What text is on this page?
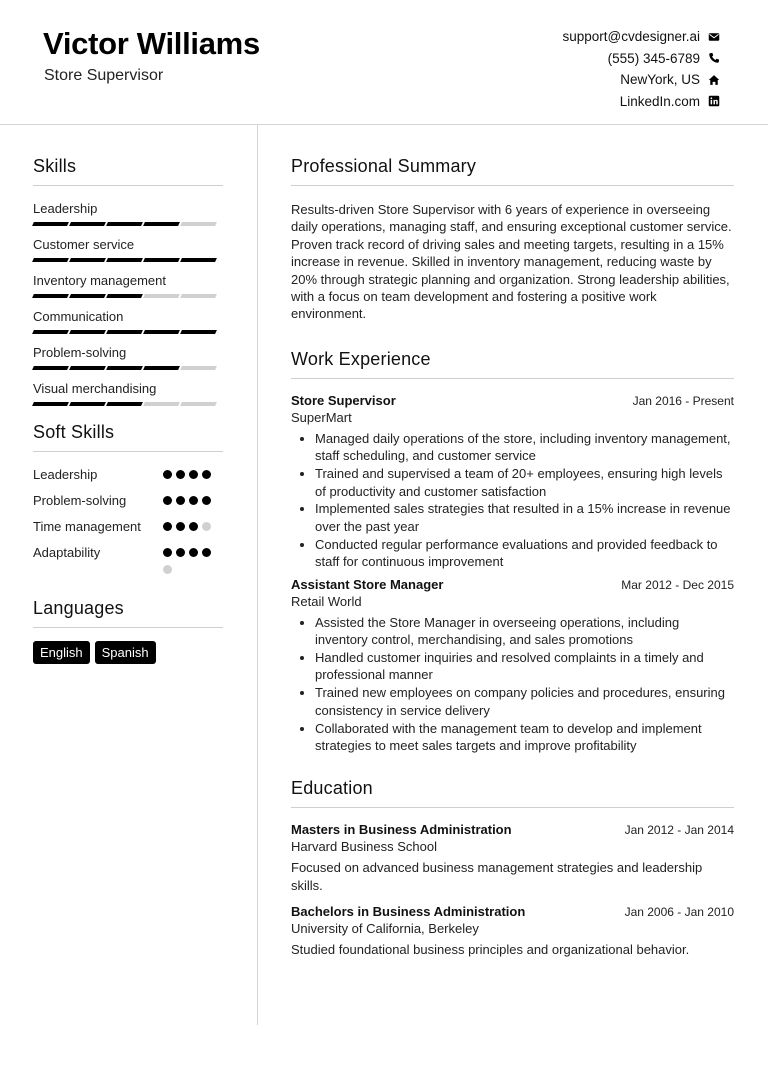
Victor Williams
Store Supervisor
support@cvdesigner.ai
(555) 345-6789
NewYork, US
LinkedIn.com
Skills
Leadership
Customer service
Inventory management
Communication
Problem-solving
Visual merchandising
Soft Skills
Leadership
Problem-solving
Time management
Adaptability
Languages
English	Spanish
Professional Summary
Results-driven Store Supervisor with 6 years of experience in overseeing daily operations, managing staff, and ensuring exceptional customer service. Proven track record of driving sales and meeting targets, resulting in a 15% increase in revenue. Skilled in inventory management, reducing waste by 20% through strategic planning and organization. Strong leadership abilities, with a focus on team development and fostering a positive work environment.
Work Experience
Store Supervisor	Jan 2016 - Present
SuperMart
• Managed daily operations of the store, including inventory management, staff scheduling, and customer service
• Trained and supervised a team of 20+ employees, ensuring high levels of productivity and customer satisfaction
• Implemented sales strategies that resulted in a 15% increase in revenue over the past year
• Conducted regular performance evaluations and provided feedback to staff for continuous improvement
Assistant Store Manager	Mar 2012 - Dec 2015
Retail World
• Assisted the Store Manager in overseeing operations, including inventory control, merchandising, and sales promotions
• Handled customer inquiries and resolved complaints in a timely and professional manner
• Trained new employees on company policies and procedures, ensuring consistency in service delivery
• Collaborated with the management team to develop and implement strategies to meet sales targets and improve profitability
Education
Masters in Business Administration	Jan 2012 - Jan 2014
Harvard Business School
Focused on advanced business management strategies and leadership skills.
Bachelors in Business Administration	Jan 2006 - Jan 2010
University of California, Berkeley
Studied foundational business principles and organizational behavior.
